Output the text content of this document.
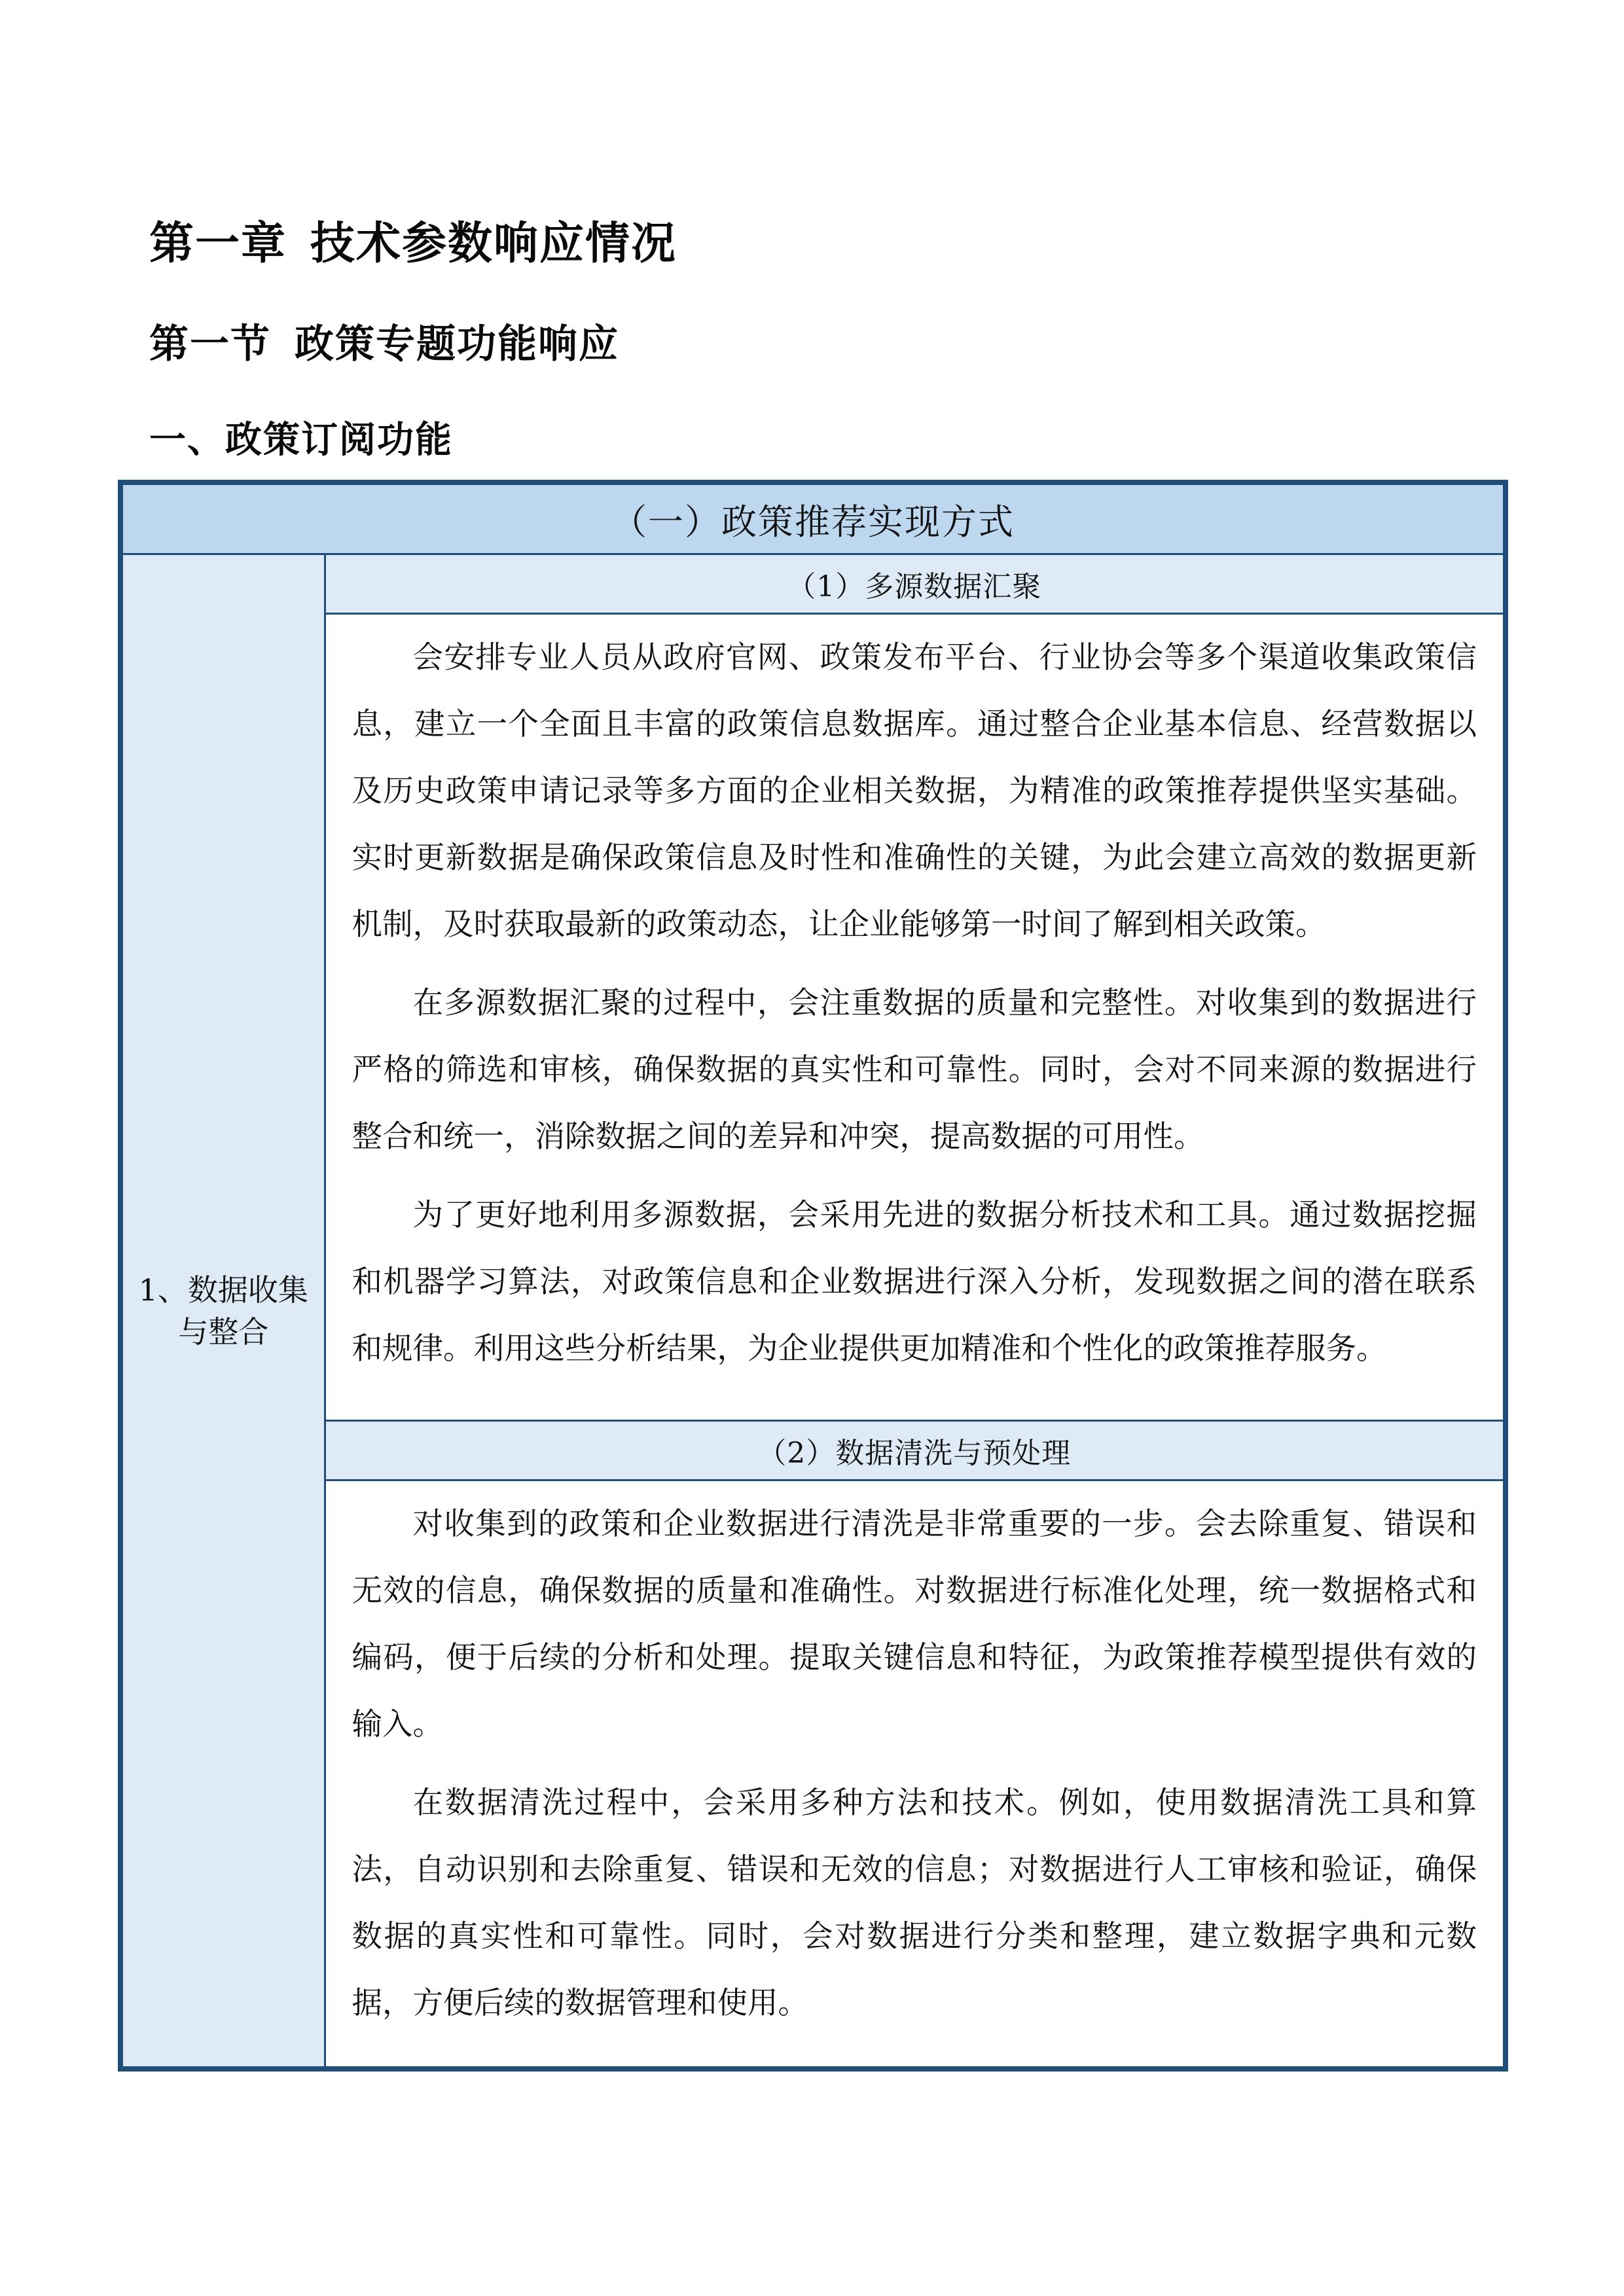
第一章 技术参数响应情况
第一节 政策专题功能响应
一、政策订阅功能
（一）政策推荐实现方式
1、数据收集与整合	（1）多源数据汇聚

会安排专业人员从政府官网、政策发布平台、行业协会等多个渠道收集政策信息，建立一个全面且丰富的政策信息数据库。通过整合企业基本信息、经营数据以及历史政策申请记录等多方面的企业相关数据，为精准的政策推荐提供坚实基础。实时更新数据是确保政策信息及时性和准确性的关键，为此会建立高效的数据更新机制，及时获取最新的政策动态，让企业能够第一时间了解到相关政策。

在多源数据汇聚的过程中，会注重数据的质量和完整性。对收集到的数据进行严格的筛选和审核，确保数据的真实性和可靠性。同时，会对不同来源的数据进行整合和统一，消除数据之间的差异和冲突，提高数据的可用性。

为了更好地利用多源数据，会采用先进的数据分析技术和工具。通过数据挖掘和机器学习算法，对政策信息和企业数据进行深入分析，发现数据之间的潜在联系和规律。利用这些分析结果，为企业提供更加精准和个性化的政策推荐服务。

（2）数据清洗与预处理

对收集到的政策和企业数据进行清洗是非常重要的一步。会去除重复、错误和无效的信息，确保数据的质量和准确性。对数据进行标准化处理，统一数据格式和编码，便于后续的分析和处理。提取关键信息和特征，为政策推荐模型提供有效的输入。

在数据清洗过程中，会采用多种方法和技术。例如，使用数据清洗工具和算法，自动识别和去除重复、错误和无效的信息；对数据进行人工审核和验证，确保数据的真实性和可靠性。同时，会对数据进行分类和整理，建立数据字典和元数据，方便后续的数据管理和使用。
